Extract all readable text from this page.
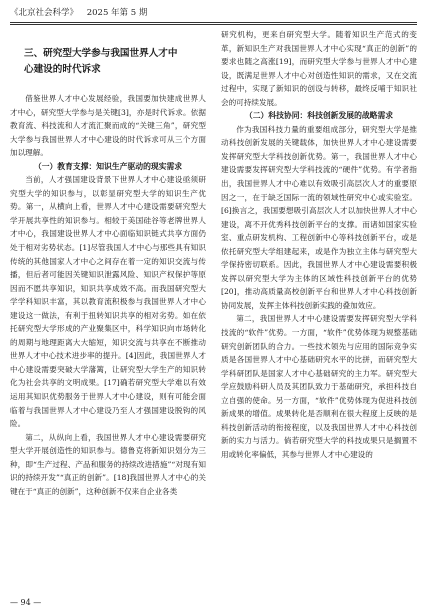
《北京社会科学》 2025 年第 5 期
三、研究型大学参与我国世界人才中
心建设的时代诉求

借鉴世界人才中心发展经验，我国要加快建成世界人才中心，研究型大学参与是关键[3]，亦是时代诉求。依据教育流、科技流和人才流汇聚而成的“关键三角”，研究型大学参与我国世界人才中心建设的时代诉求可从三个方面加以理解。

（一）教育支撑：知识生产驱动的现实需求

当前，人才强国建设背景下世界人才中心建设亟须研究型大学的知识参与，以彰显研究型大学的知识生产优势。第一，从横向上看，世界人才中心建设需要研究型大学开展共享性的知识参与。相较于美国硅谷等老牌世界人才中心，我国建设世界人才中心面临知识链式共享方面仍处于相对劣势状态。[1]尽管我国人才中心与那些具有知识传统的其他国家人才中心之间存在着一定的知识交流与传播，但后者可能因关键知识泄露风险、知识产权保护等原因而不愿共享知识，知识共享成效不高。而我国研究型大学学科知识丰富，其以教育流积极参与我国世界人才中心建设这一做法，有利于扭转知识共享的相对劣势。如在依托研究型大学形成的产业聚集区中，科学知识向市场转化的周期与地理距离大大缩短，知识交流与共享在不断推动世界人才中心技术进步率的提升。[4]因此，我国世界人才中心建设需要突破大学藩篱，让研究型大学生产的知识转化为社会共享的文明成果。[17]确若研究型大学难以有效运用其知识优势服务于世界人才中心建设，则有可能会面临着与我国世界人才中心建设乃至人才强国建设脱钩的风险。

第二，从纵向上看，我国世界人才中心建设需要研究型大学开展创造性的知识参与。德鲁克将新知识划分为三种，即“生产过程、产品和服务的持续改进措施”“对现有知识的持续开发”“真正的创新”。[18]我国世界人才中心的关键在于“真正的创新”，这种创新不仅来自企业各类

研究机构，更来自研究型大学。随着知识生产范式的变革，新知识生产对我国世界人才中心实现“真正的创新”的要求也随之高涨[19]，而研究型大学参与世界人才中心建设，既满足世界人才中心对创造性知识的需求，又在交流过程中，实现了新知识的创设与转移，最终反哺于知识社会的可持续发展。

（二）科技协同：科技创新发展的战略需求

作为我国科技力量的重要组成部分，研究型大学是推动科技创新发展的关键载体，加快世界人才中心建设需要发挥研究型大学科技创新优势。第一，我国世界人才中心建设需要发挥研究型大学科技流的“硬件”优势。有学者指出，我国世界人才中心难以有效吸引高层次人才的重要原因之一，在于缺乏国际一流的领域性研究中心或实验室。[6]换言之，我国要想吸引高层次人才以加快世界人才中心建设，离不开优秀科技创新平台的支撑。而诸如国家实验室、重点研发机构、工程创新中心等科技创新平台，或是依托研究型大学组建起来，或是作为独立主体与研究型大学保持密切联系。因此，我国世界人才中心建设需要积极发挥以研究型大学为主体的区域性科技创新平台的优势[20]，推动高质量高校创新平台和世界人才中心科技创新协同发展，发挥主体科技创新实践的叠加效应。

第二，我国世界人才中心建设需要发挥研究型大学科技流的“软件”优势。一方面，“软件”优势体现为规整基础研究创新团队的合力。一些技术领先与应用的国际竞争实质是各国世界人才中心基础研究水平的比拼，而研究型大学科研团队是国家人才中心基础研究的主力军。研究型大学应鼓励科研人员及其团队致力于基础研究，承担科技自立自强的使命。另一方面，“软件”优势体现为促进科技创新成果的增值。成果转化是否顺利在很大程度上反映的是科技创新活动的衔接程度，以及我国世界人才中心科技创新的实力与活力。倘若研究型大学的科技成果只是搁置不用或转化率偏低，其参与世界人才中心建设的

— 94 —
